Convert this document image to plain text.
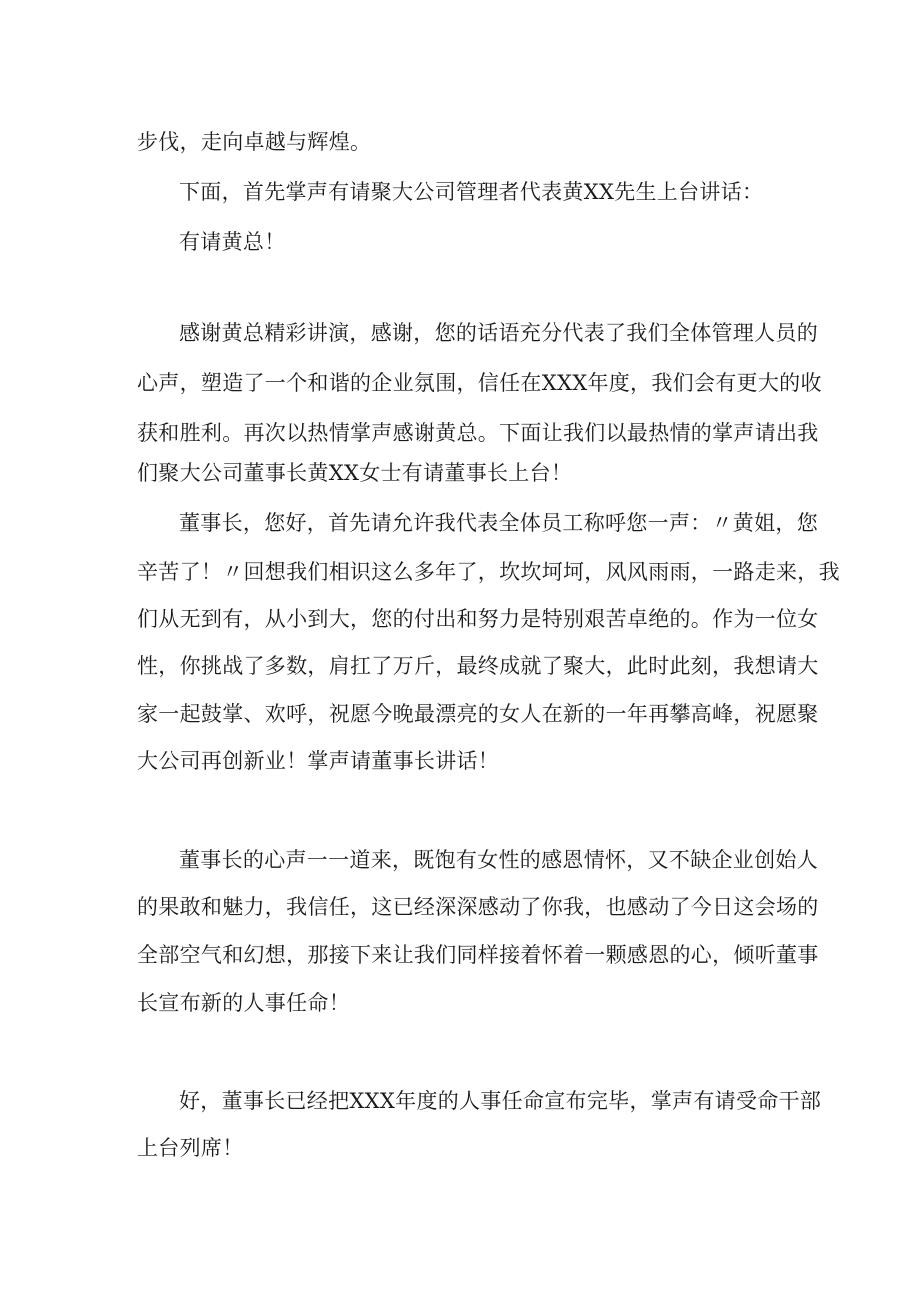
步伐，走向卓越与辉煌。
下面，首先掌声有请聚大公司管理者代表黄XX先生上台讲话：
有请黄总！
感谢黄总精彩讲演，感谢，您的话语充分代表了我们全体管理人员的
心声，塑造了一个和谐的企业氛围，信任在XXX年度，我们会有更大的收
获和胜利。再次以热情掌声感谢黄总。下面让我们以最热情的掌声请出我
们聚大公司董事长黄XX女士有请董事长上台！
董事长，您好，首先请允许我代表全体员工称呼您一声：〃黄姐，您
辛苦了！〃回想我们相识这么多年了，坎坎坷坷，风风雨雨，一路走来，我
们从无到有，从小到大，您的付出和努力是特别艰苦卓绝的。作为一位女
性，你挑战了多数，肩扛了万斤，最终成就了聚大，此时此刻，我想请大
家一起鼓掌、欢呼，祝愿今晚最漂亮的女人在新的一年再攀高峰，祝愿聚
大公司再创新业！掌声请董事长讲话！
董事长的心声一一道来，既饱有女性的感恩情怀，又不缺企业创始人
的果敢和魅力，我信任，这已经深深感动了你我，也感动了今日这会场的
全部空气和幻想，那接下来让我们同样接着怀着一颗感恩的心，倾听董事
长宣布新的人事任命！
好，董事长已经把XXX年度的人事任命宣布完毕，掌声有请受命干部
上台列席！
